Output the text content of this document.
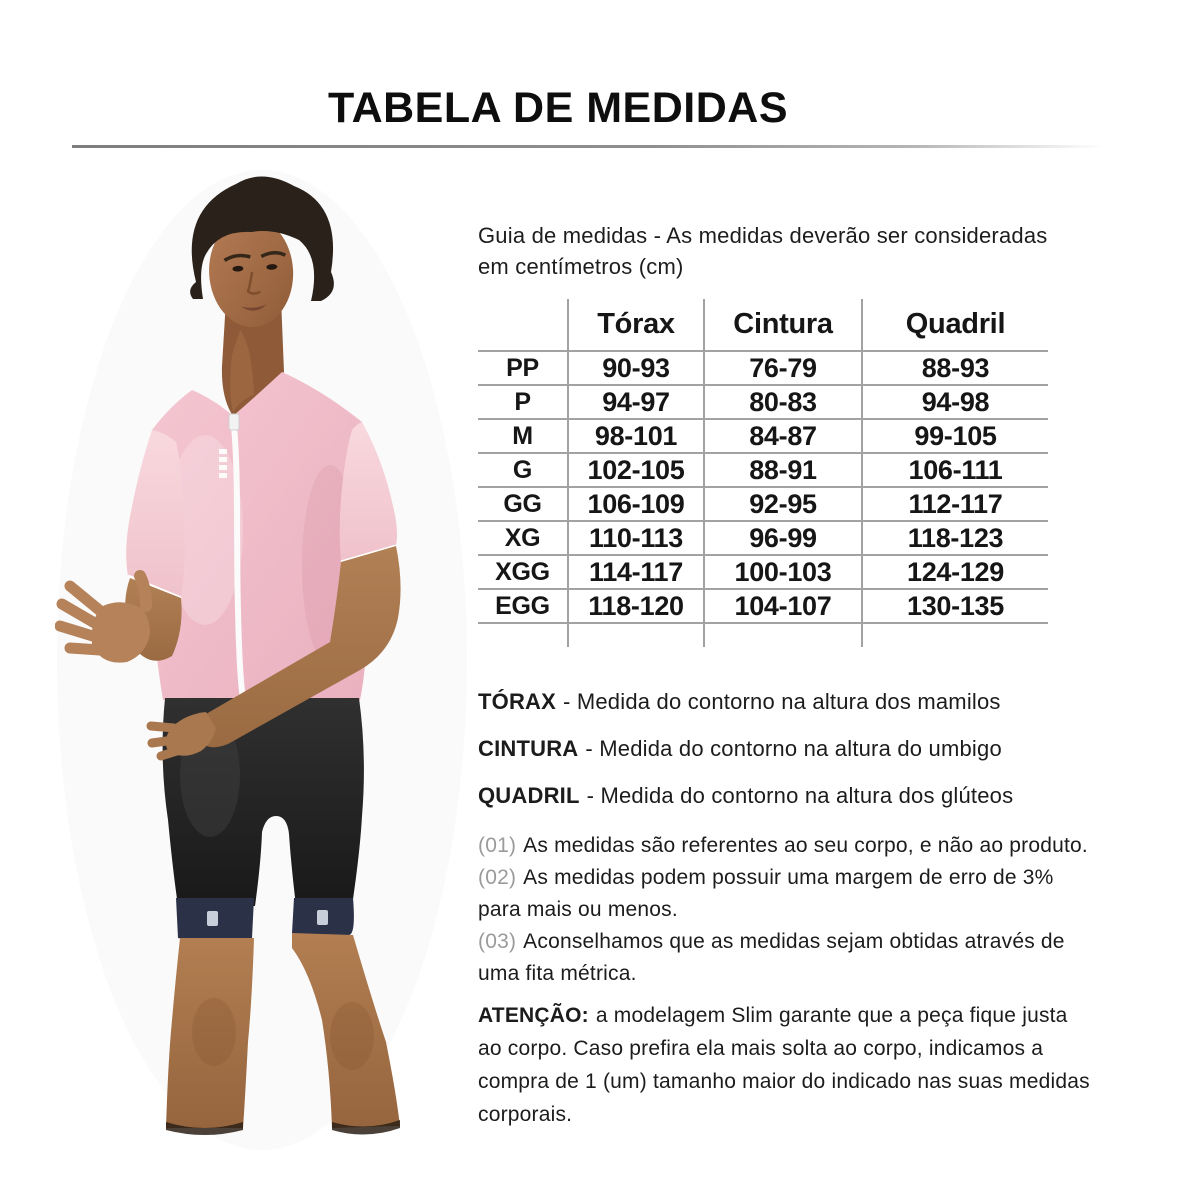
TABELA DE MEDIDAS
Guia de medidas - As medidas deverão ser consideradas
em centímetros (cm)
	Tórax	Cintura	Quadril
PP	90-93	76-79	88-93
P	94-97	80-83	94-98
M	98-101	84-87	99-105
G	102-105	88-91	106-111
GG	106-109	92-95	112-117
XG	110-113	96-99	118-123
XGG	114-117	100-103	124-129
EGG	118-120	104-107	130-135

TÓRAX - Medida do contorno na altura dos mamilos

CINTURA - Medida do contorno na altura do umbigo

QUADRIL - Medida do contorno na altura dos glúteos

(01) As medidas são referentes ao seu corpo, e não ao produto.
(02) As medidas podem possuir uma margem de erro de 3%
para mais ou menos.
(03) Aconselhamos que as medidas sejam obtidas através de
uma fita métrica.
ATENÇÃO: a modelagem Slim garante que a peça fique justa
ao corpo. Caso prefira ela mais solta ao corpo, indicamos a
compra de 1 (um) tamanho maior do indicado nas suas medidas
corporais.
